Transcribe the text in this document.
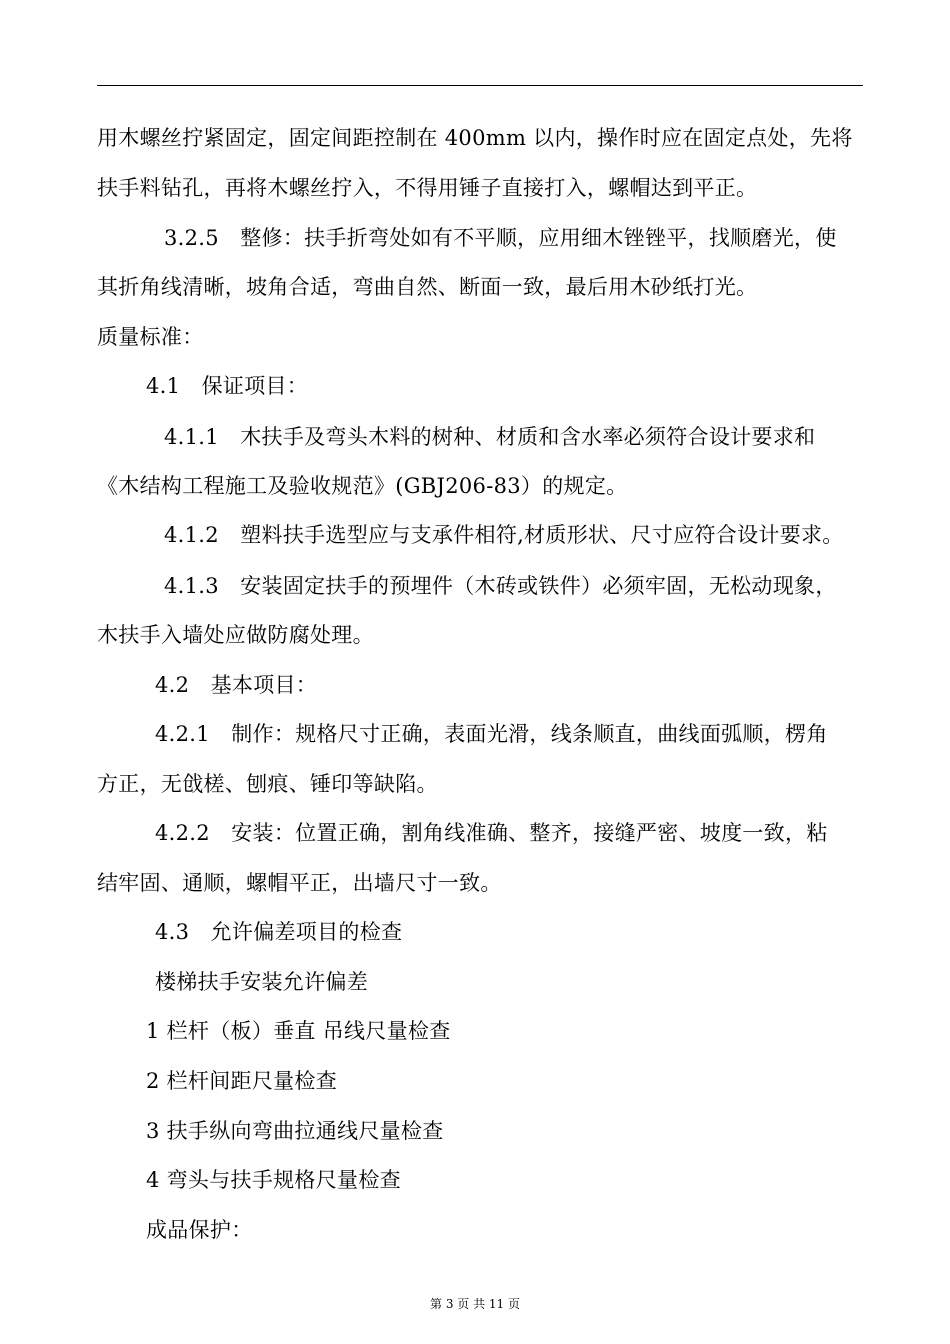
用木螺丝拧紧固定，固定间距控制在 400mm 以内，操作时应在固定点处，先将
扶手料钻孔，再将木螺丝拧入，不得用锤子直接打入，螺帽达到平正。
3.2.5　整修：扶手折弯处如有不平顺，应用细木锉锉平，找顺磨光，使
其折角线清晰，坡角合适，弯曲自然、断面一致，最后用木砂纸打光。
质量标准：
4.1　保证项目：
4.1.1　木扶手及弯头木料的树种、材质和含水率必须符合设计要求和
《木结构工程施工及验收规范》(GBJ206-83）的规定。
4.1.2　塑料扶手选型应与支承件相符,材质形状、尺寸应符合设计要求。
4.1.3　安装固定扶手的预埋件（木砖或铁件）必须牢固，无松动现象，
木扶手入墙处应做防腐处理。
4.2　基本项目：
4.2.1　制作：规格尺寸正确，表面光滑，线条顺直，曲线面弧顺，楞角
方正，无戗槎、刨痕、锤印等缺陷。
4.2.2　安装：位置正确，割角线准确、整齐，接缝严密、坡度一致，粘
结牢固、通顺，螺帽平正，出墙尺寸一致。
4.3　允许偏差项目的检查
楼梯扶手安装允许偏差
1 栏杆（板）垂直 吊线尺量检查
2 栏杆间距尺量检查
3 扶手纵向弯曲拉通线尺量检查
4 弯头与扶手规格尺量检查
成品保护：
第 3 页 共 11 页
